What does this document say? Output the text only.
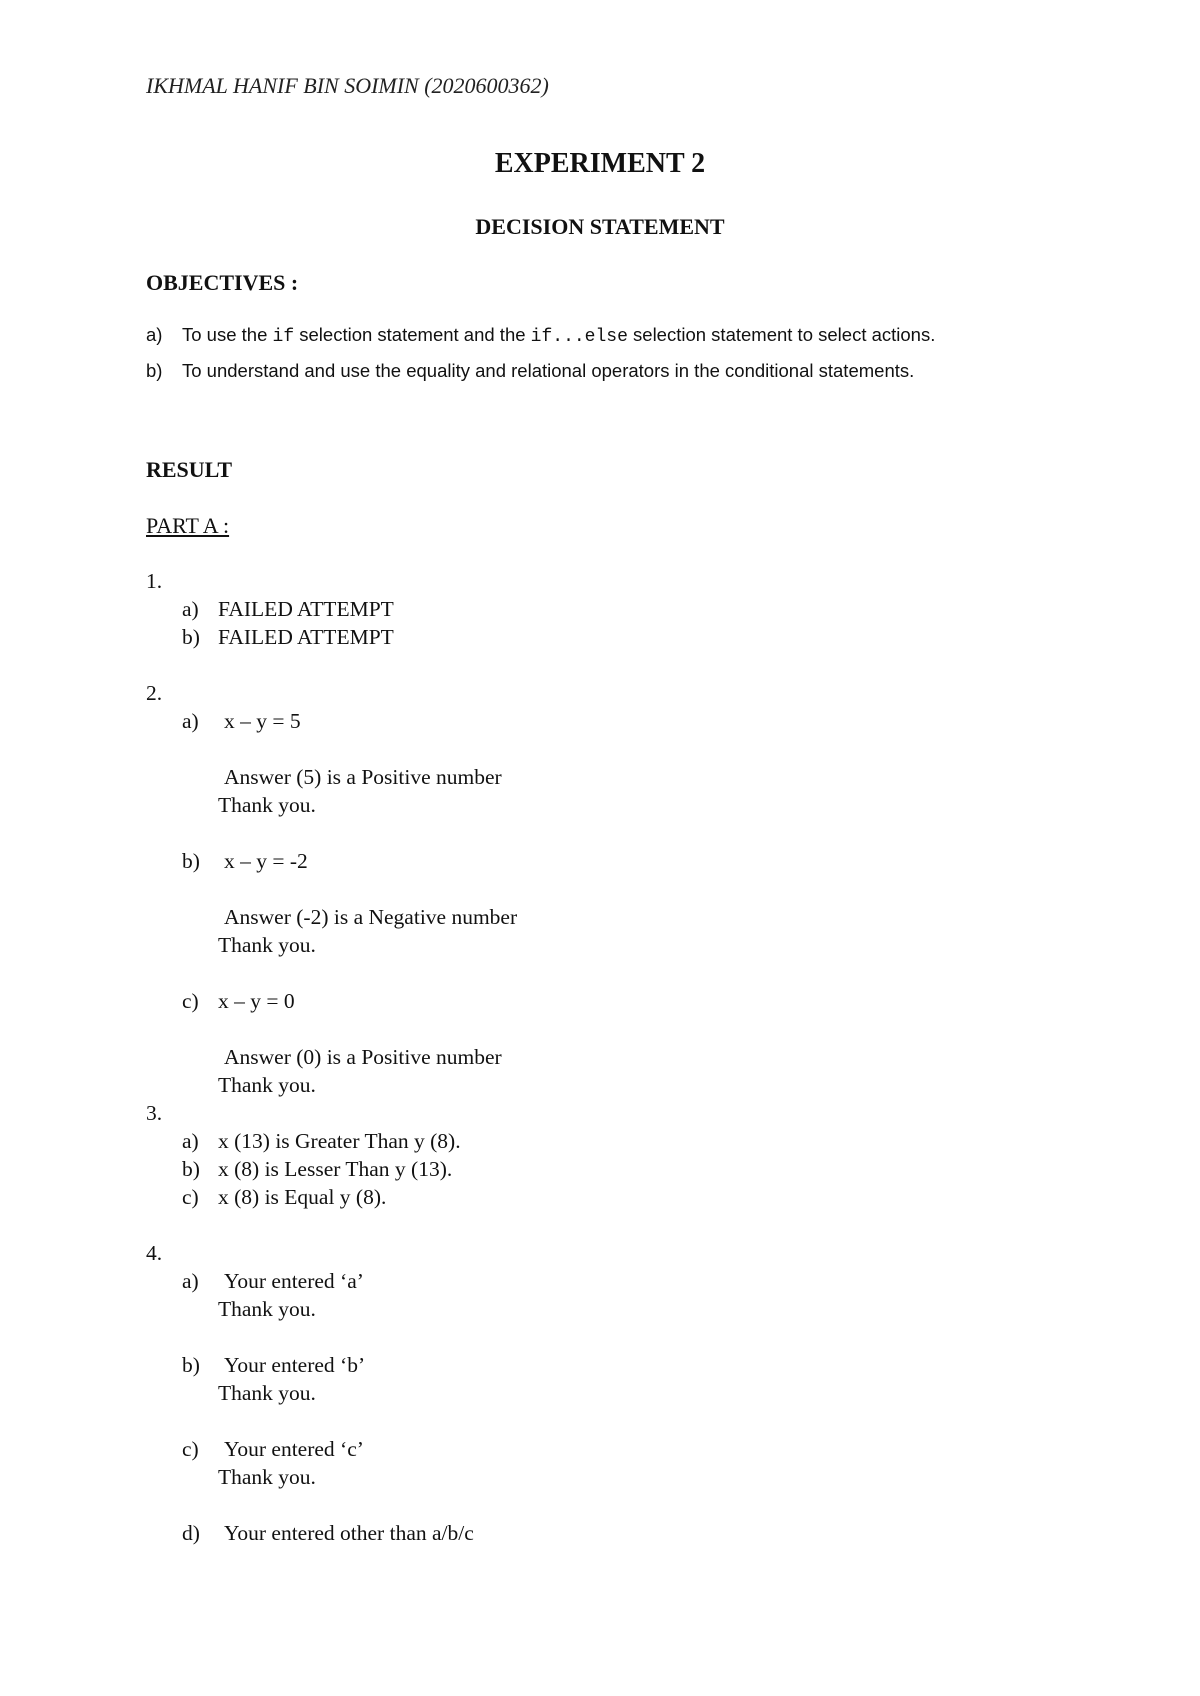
IKHMAL HANIF BIN SOIMIN (2020600362)
EXPERIMENT 2
DECISION STATEMENT
OBJECTIVES :
a) To use the if selection statement and the if...else selection statement to select actions.
b) To understand and use the equality and relational operators in the conditional statements.
RESULT
PART A :
1.
a) FAILED ATTEMPT
b) FAILED ATTEMPT
2.
a) x – y = 5
Answer (5) is a Positive number
Thank you.
b) x – y = -2
Answer (-2) is a Negative number
Thank you.
c) x – y = 0
Answer (0) is a Positive number
Thank you.
3.
a) x (13) is Greater Than y (8).
b) x (8) is Lesser Than y (13).
c) x (8) is Equal y (8).
4.
a) Your entered ‘a’
Thank you.
b) Your entered ‘b’
Thank you.
c) Your entered ‘c’
Thank you.
d) Your entered other than a/b/c
